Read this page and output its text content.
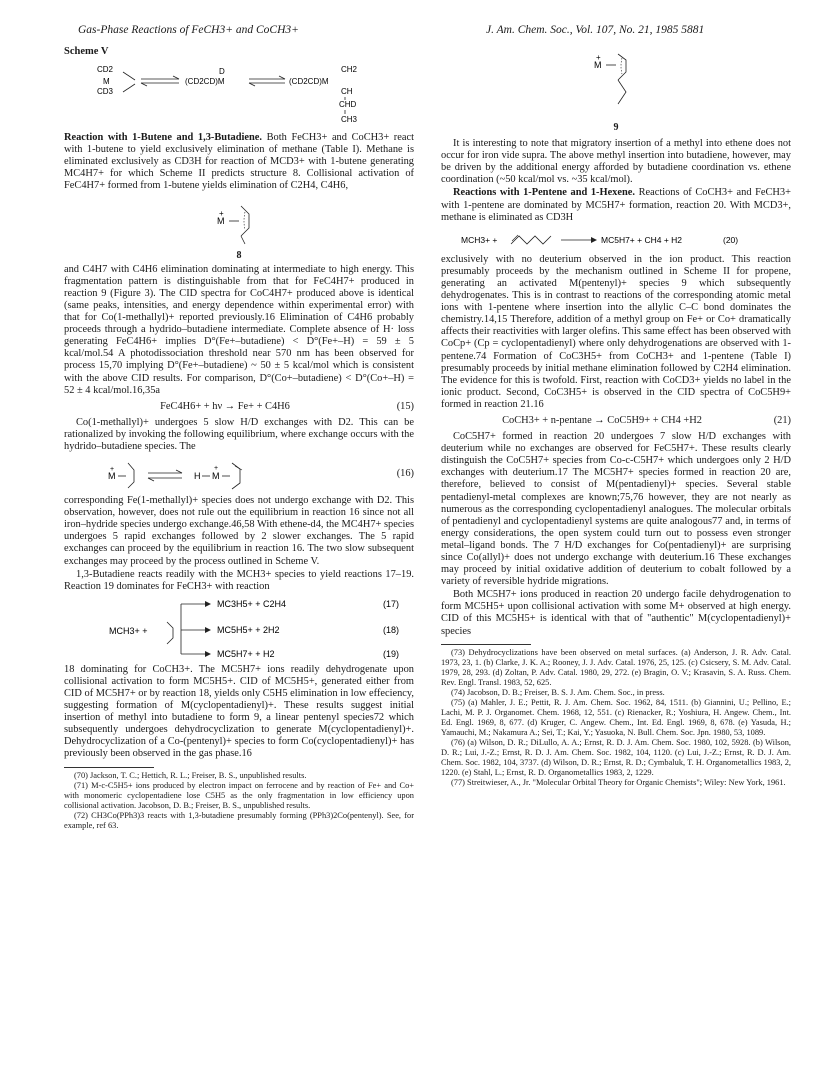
Gas-Phase Reactions of FeCH3+ and CoCH3+	J. Am. Chem. Soc., Vol. 107, No. 21, 1985 5881
Scheme V
CD2
M
CD3
D
(CD2CD)M
CH2
(CD2CD)M
CH
CHD
CH3

Reaction with 1-Butene and 1,3-Butadiene. Both FeCH3+ and CoCH3+ react with 1-butene to yield exclusively elimination of methane (Table I). Methane is eliminated exclusively as CD3H for reaction of MCD3+ with 1-butene generating MC4H7+ for which Scheme II predicts structure 8. Collisional activation of FeC4H7+ formed from 1-butene yields elimination of C2H4, C4H6,

+
M
8

and C4H7 with C4H6 elimination dominating at intermediate to high energy. This fragmentation pattern is distinguishable from that for FeC4H7+ produced in reaction 9 (Figure 3). The CID spectra for CoC4H7+ produced above is identical (same peaks, intensities, and energy dependence within experimental error) with that for Co(1-methallyl)+ reported previously.16 Elimination of C4H6 probably proceeds through a hydrido–butadiene intermediate. Complete absence of H· loss generating FeC4H6+ implies D°(Fe+–butadiene) < D°(Fe+–H) = 59 ± 5 kcal/mol.54 A photodissociation threshold near 570 nm has been observed for process 15,70 implying D°(Fe+–butadiene) ~ 50 ± 5 kcal/mol which is consistent with the above CID results. For comparison, D°(Co+–butadiene) < D°(Co+–H) = 52 ± 4 kcal/mol.16,35a

FeC4H6+ + hν → Fe+ + C4H6	(15)

Co(1-methallyl)+ undergoes 5 slow H/D exchanges with D2. This can be rationalized by invoking the following equilibrium, where exchange occurs with the hydrido–butadiene species. The

+
M	H M
+	(16)

corresponding Fe(1-methallyl)+ species does not undergo exchange with D2. This observation, however, does not rule out the equilibrium in reaction 16 since not all iron–hydride species undergo exchange.46,58 With ethene-d4, the MC4H7+ species undergoes 5 rapid exchanges followed by 2 slower exchanges. The 5 rapid exchanges can proceed by the equilibrium in reaction 16. The two slow subsequent exchanges may proceed by the process outlined in Scheme V.

1,3-Butadiene reacts readily with the MCH3+ species to yield reactions 17–19. Reaction 19 dominates for FeCH3+ with reaction

MCH3+ +
MC3H5+ + C2H4
MC5H5+ + 2H2
MC5H7+ + H2
(17)
(18)
(19)

18 dominating for CoCH3+. The MC5H7+ ions readily dehydrogenate upon collisional activation to form MC5H5+. CID of MC5H5+, generated either from CID of MC5H7+ or by reaction 18, yields only C5H5 elimination in low effeciency, suggesting formation of M(cyclopentadienyl)+. These results suggest initial insertion of methyl into butadiene to form 9, a linear pentenyl species72 which subsequently undergoes dehydrocyclization to generate M(cyclopentadienyl)+. Dehydrocyclization of a Co-(pentenyl)+ species to form Co(cyclopentadienyl)+ has previously been observed in the gas phase.16

(70) Jackson, T. C.; Hettich, R. L.; Freiser, B. S., unpublished results.

(71) M-c-C5H5+ ions produced by electron impact on ferrocene and by reaction of Fe+ and Co+ with monomeric cyclopentadiene lose C5H5 as the only fragmentation in low efficiency upon collisional activation. Jacobson, D. B.; Freiser, B. S., unpublished results.

(72) CH3Co(PPh3)3 reacts with 1,3-butadiene presumably forming (PPh3)2Co(pentenyl). See, for example, ref 63.

+
M
9

It is interesting to note that migratory insertion of a methyl into ethene does not occur for iron vide supra. The above methyl insertion into butadiene, however, may be driven by the additional energy afforded by butadiene coordination vs. ethene coordination (~50 kcal/mol vs. ~35 kcal/mol).

Reactions with 1-Pentene and 1-Hexene. Reactions of CoCH3+ and FeCH3+ with 1-pentene are dominated by MC5H7+ formation, reaction 20. With MCD3+, methane is eliminated as CD3H

MCH3+ +	MC5H7+ + CH4 + H2	(20)

exclusively with no deuterium observed in the ion product. This reaction presumably proceeds by the mechanism outlined in Scheme II for propene, generating an activated M(pentenyl)+ species 9 which subsequently dehydrogenates. This is in contrast to reactions of the corresponding atomic metal ions with 1-pentene where insertion into the allylic C–C bond dominates the chemistry.14,15 Therefore, addition of a methyl group on Fe+ or Co+ dramatically affects their reactivities with larger olefins. This same effect has been observed with CoCp+ (Cp = cyclopentadienyl) where only dehydrogenations are observed with 1-pentene.74 Formation of CoC3H5+ from CoCH3+ and 1-pentene (Table I) presumably proceeds by initial methane elimination followed by C2H4 elimination. The evidence for this is twofold. First, reaction with CoCD3+ yields no label in the ionic product. Second, CoC3H5+ is observed in the CID spectra of CoC5H9+ formed in reaction 21.16

CoCH3+ + n-pentane → CoC5H9+ + CH4 +H2	(21)

CoC5H7+ formed in reaction 20 undergoes 7 slow H/D exchanges with deuterium while no exchanges are observed for FeC5H7+. These results clearly distinguish the CoC5H7+ species from Co-c-C5H7+ which undergoes only 2 H/D exchanges with deuterium.17 The MC5H7+ species formed in reaction 20 are, therefore, believed to consist of M(pentadienyl)+ species. Several stable pentadienyl-metal complexes are known;75,76 however, they are not nearly as numerous as the corresponding cyclopentadienyl analogues. The molecular orbitals of pentadienyl and cyclopentadienyl systems are quite analogous77 and, in terms of energy considerations, the open system could turn out to possess even stronger metal–ligand bonds. The 7 H/D exchanges for Co(pentadienyl)+ are surprising since Co(allyl)+ does not undergo exchange with deuterium.16 These exchanges may proceed by initial oxidative addition of deuterium to cobalt followed by a variety of reversible hydride migrations.

Both MC5H7+ ions produced in reaction 20 undergo facile dehydrogenation to form MC5H5+ upon collisional activation with some M+ observed at high energy. CID of this MC5H5+ is identical with that of "authentic" M(cyclopentadienyl)+ species

(73) Dehydrocyclizations have been observed on metal surfaces. (a) Anderson, J. R. Adv. Catal. 1973, 23, 1. (b) Clarke, J. K. A.; Rooney, J. J. Adv. Catal. 1976, 25, 125. (c) Csicsery, S. M. Adv. Catal. 1979, 28, 293. (d) Zoltan, P. Adv. Catal. 1980, 29, 272. (e) Bragin, O. V.; Krasavin, S. A. Russ. Chem. Rev. Engl. Transl. 1983, 52, 625.

(74) Jacobson, D. B.; Freiser, B. S. J. Am. Chem. Soc., in press.

(75) (a) Mahler, J. E.; Pettit, R. J. Am. Chem. Soc. 1962, 84, 1511. (b) Giannini, U.; Pellino, E.; Lachi, M. P. J. Organomet. Chem. 1968, 12, 551. (c) Rienacker, R.; Yoshiura, H. Angew. Chem., Int. Ed. Engl. 1969, 8, 677. (d) Kruger, C. Angew. Chem., Int. Ed. Engl. 1969, 8, 678. (e) Yasuda, H.; Yamauchi, M.; Nakamura A.; Sei, T.; Kai, Y.; Yasuoka, N. Bull. Chem. Soc. Jpn. 1980, 53, 1089.

(76) (a) Wilson, D. R.; DiLullo, A. A.; Ernst, R. D. J. Am. Chem. Soc. 1980, 102, 5928. (b) Wilson, D. R.; Lui, J.-Z.; Ernst, R. D. J. Am. Chem. Soc. 1982, 104, 1120. (c) Lui, J.-Z.; Ernst, R. D. J. Am. Chem. Soc. 1982, 104, 3737. (d) Wilson, D. R.; Ernst, R. D.; Cymbaluk, T. H. Organometallics 1983, 2, 1220. (e) Stahl, L.; Ernst, R. D. Organometallics 1983, 2, 1229.

(77) Streitwieser, A., Jr. "Molecular Orbital Theory for Organic Chemists"; Wiley: New York, 1961.
